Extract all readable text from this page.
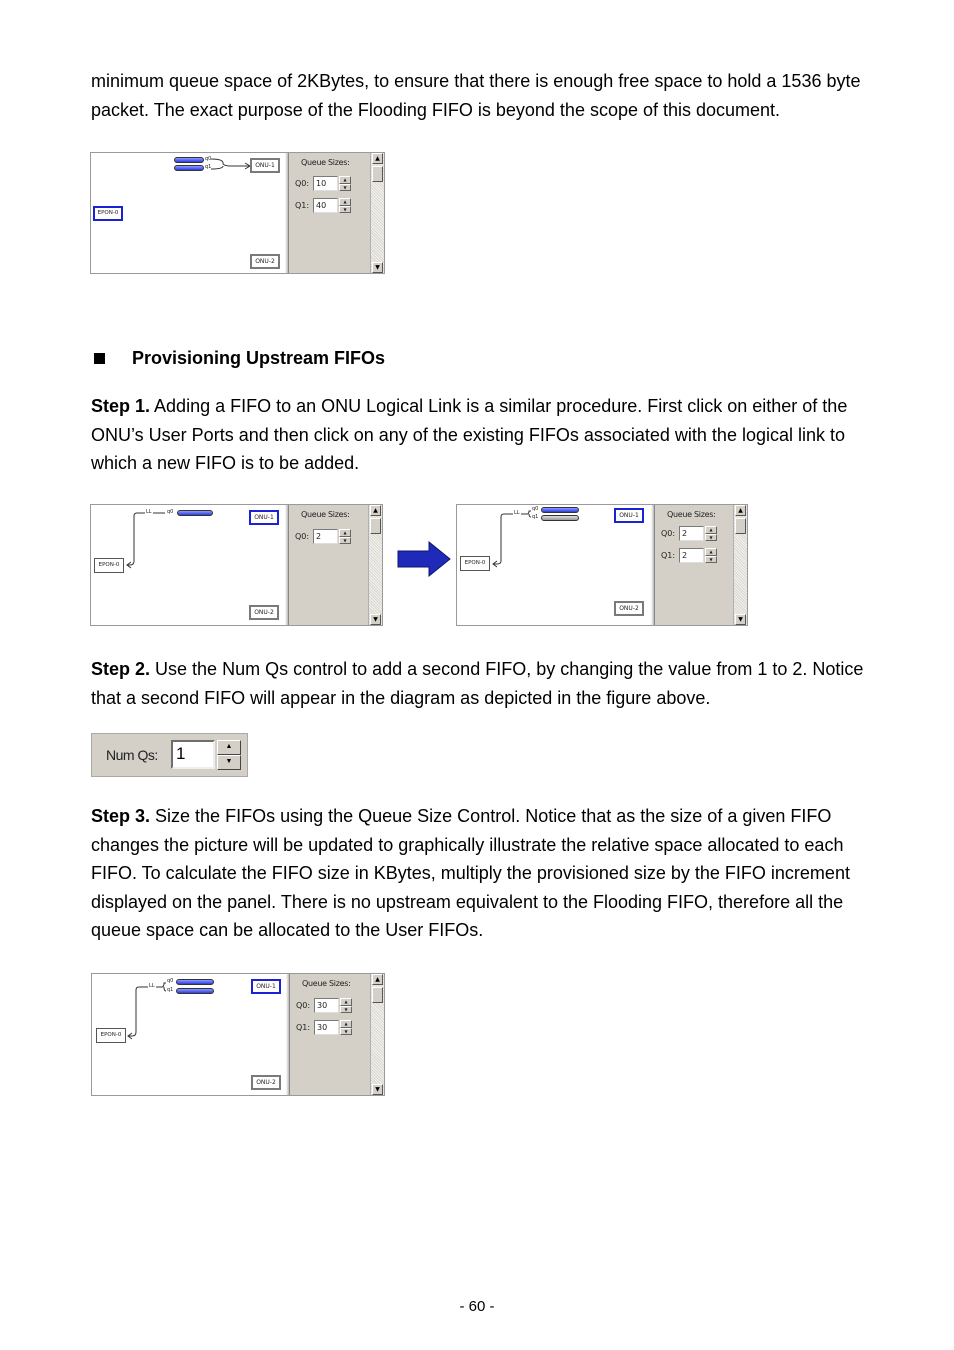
minimum queue space of 2KBytes, to ensure that there is enough free space to hold a 1536 byte packet. The exact purpose of the Flooding FIFO is beyond the scope of this document.

q0
q1	ONU-1
EPON-0
ONU-2
Queue Sizes:
Q0: 10	▲
▼
Q1: 40	▲
▼
▲
▼
Provisioning Upstream FIFOs

Step 1. Adding a FIFO to an ONU Logical Link is a similar procedure. First click on either of the ONU’s User Ports and then click on any of the existing FIFOs associated with the logical link to which a new FIFO is to be added.

LL	q0
ONU-1
EPON-0
ONU-2
Queue Sizes:
Q0: 2	▲
▼
▲
▼
LL
q0
q1	ONU-1
EPON-0
ONU-2
Queue Sizes:
Q0: 2	▲
▼
Q1: 2	▲
▼
▲
▼

Step 2. Use the Num Qs control to add a second FIFO, by changing the value from 1 to 2. Notice that a second FIFO will appear in the diagram as depicted in the figure above.

Num Qs: 1	▲
▼

Step 3. Size the FIFOs using the Queue Size Control. Notice that as the size of a given FIFO changes the picture will be updated to graphically illustrate the relative space allocated to each FIFO. To calculate the FIFO size in KBytes, multiply the provisioned size by the FIFO increment displayed on the panel. There is no upstream equivalent to the Flooding FIFO, therefore all the queue space can be allocated to the User FIFOs.

LL
q0
q1	ONU-1
EPON-0
ONU-2
Queue Sizes:
Q0: 30	▲
▼
Q1: 30	▲
▼
▲
▼
- 60 -
